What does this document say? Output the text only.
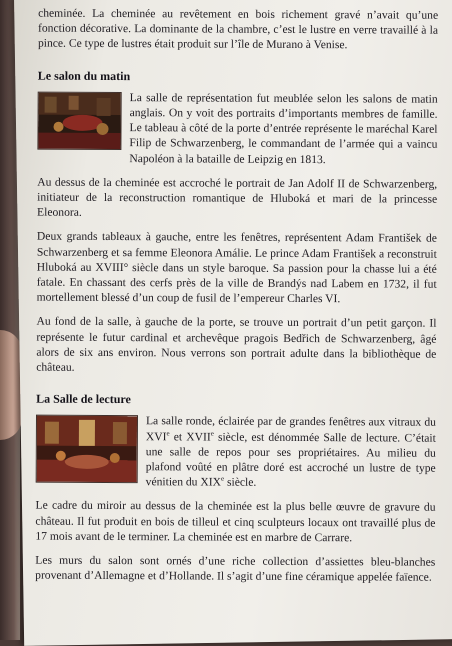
cheminée. La cheminée au revêtement en bois richement gravé n’avait qu’une fonction décorative. La dominante de la chambre, c’est le lustre en verre travaillé à la pince. Ce type de lustres était produit sur l’île de Murano à Venise.

Le salon du matin

La salle de représentation fut meublée selon les salons de matin anglais. On y voit des portraits d’importants membres de famille. Le tableau à côté de la porte d’entrée représente le maréchal Karel Filip de Schwarzenberg, le commandant de l’armée qui a vaincu Napoléon à la bataille de Leipzig en 1813.

Au dessus de la cheminée est accroché le portrait de Jan Adolf II de Schwarzenberg, initiateur de la reconstruction romantique de Hluboká et mari de la princesse Eleonora.

Deux grands tableaux à gauche, entre les fenêtres, représentent Adam František de Schwarzenberg et sa femme Eleonora Amálie. Le prince Adam František a reconstruit Hluboká au XVIII° siècle dans un style baroque. Sa passion pour la chasse lui a été fatale. En chassant des cerfs près de la ville de Brandýs nad Labem en 1732, il fut mortellement blessé d’un coup de fusil de l’empereur Charles VI.

Au fond de la salle, à gauche de la porte, se trouve un portrait d’un petit garçon. Il représente le futur cardinal et archevêque pragois Bedřich de Schwarzenberg, âgé alors de six ans environ. Nous verrons son portrait adulte dans la bibliothèque de château.

La Salle de lecture

La salle ronde, éclairée par de grandes fenêtres aux vitraux du XVIe et XVIIe siècle, est dénommée Salle de lecture. C’était une salle de repos pour ses propriétaires. Au milieu du plafond voûté en plâtre doré est accroché un lustre de type vénitien du XIXe siècle.

Le cadre du miroir au dessus de la cheminée est la plus belle œuvre de gravure du château. Il fut produit en bois de tilleul et cinq sculpteurs locaux ont travaillé plus de 17 mois avant de le terminer. La cheminée est en marbre de Carrare.

Les murs du salon sont ornés d’une riche collection d’assiettes bleu-blanches provenant d’Allemagne et d’Hollande. Il s’agit d’une fine céramique appelée faïence.
